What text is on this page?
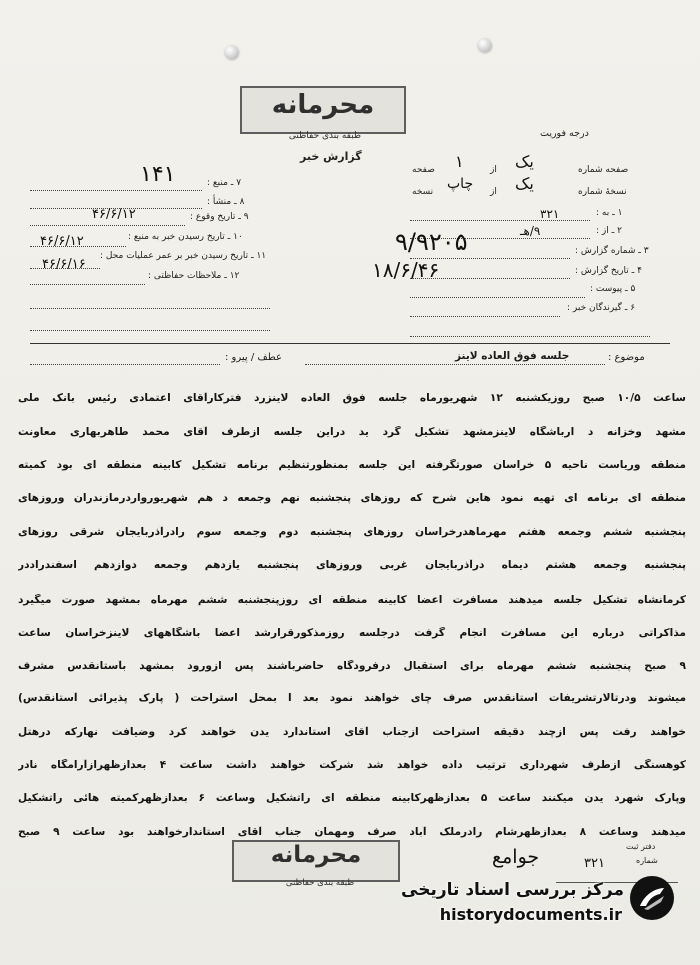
محرمانه
طبقه بندی حفاظتی	درجه فوریت
گزارش خبر
۷ ـ منبع :
۱۴۱
۸ ـ منشأ :
۹ ـ تاریخ وقوع :
۴۶/۶/۱۲
۱۰ ـ تاریخ رسیدن خبر به منبع :
۴۶/۶/۱۲
۱۱ ـ تاریخ رسیدن خبر بر عمر عملیات محل :
۴۶/۶/۱۶
۱۲ ـ ملاحظات حفاظتی :
صفحه شماره
یک
از
۱
صفحه
نسخهٔ شماره
یک
از
چاپ
نسخه
۱ ـ به :
۳۲۱
۲ ـ از :
۹/هـ
۳ ـ شماره گزارش :
۹/۹۲۰۵
۴ ـ تاریخ گزارش :
۱۸/۶/۴۶
۵ ـ پیوست :
۶ ـ گیرندگان خبر :
موضوع :
جلسه فوق العاده لاینز
عطف / پیرو :
ساعت ۱۰/۵ صبح روزیکشنبه ۱۲ شهریورماه جلسه فوق العاده لاینزرد فترکارآقای اعتمادی رئیس بانک ملی
مشهد وخزانه د ارباشگاه لاینزمشهد تشکیل گرد ید دراین جلسه ازطرف آقای محمد طاهربهاری معاونت
منطقه وریاست ناحیه ۵ خراسان صورتگرفته این جلسه بمنظورتنظیم برنامه تشکیل کابینه منطقه ای بود کمیته
منطقه ای برنامه ای تهیه نمود هاین شرح که روزهای پنجشنبه نهم وجمعه د هم شهریورواردرمازندران وروزهای
پنجشنبه ششم وجمعه هفتم مهرماهدرخراسان روزهای پنجشنبه دوم وجمعه سوم رادرآذربایجان شرقی روزهای
پنجشنبه وجمعه هشتم دیماه درآذربایجان غربی وروزهای پنجشنبه یازدهم وجمعه دوازدهم اسفندراددر
کرمانشاه تشکیل جلسه میدهند مسافرت اعضا کابینه منطقه ای روزپنجشنبه ششم مهرماه بمشهد صورت میگیرد
مذاکراتی درباره این مسافرت انجام گرفت درجلسه روزمذکورقرارشد اعضا باشگاههای لاینزخراسان ساعت
۹ صبح پنجشنبه ششم مهرماه برای استقبال درفرودگاه حاضرباشند پس ازورود بمشهد بآستانقدس مشرف
میشوند ودرتالارتشریفات آستانقدس صرف چای خواهند نمود بعد ا بمحل استراحت ( پارک پذیرائی آستانقدس)
خواهند رفت پس ازچند دقیقه استراحت ازجناب آقای استاندارد یدن خواهند کرد وضیافت نهارکه درهتل
کوهسنگی ازطرف شهرداری ترتیب داده خواهد شد شرکت خواهند داشت ساعت ۴ بعدازظهرازآرامگاه نادر
وپارک شهرد یدن میکنند ساعت ۵ بعدازظهرکابینه منطقه ای راتشکیل وساعت ۶ بعدازظهرکمیته هائی راتشکیل
میدهند وساعت ۸ بعدازظهرشام رادرملک آباد صرف ومهمان جناب آقای استاندارخواهند بود ساعت ۹ صبح
محرمانه
طبقه بندی حفاظتی
جوامع	دفتر ثبت
شماره
۳۲۱
مرکز بررسی اسناد تاریخی
historydocuments.ir
